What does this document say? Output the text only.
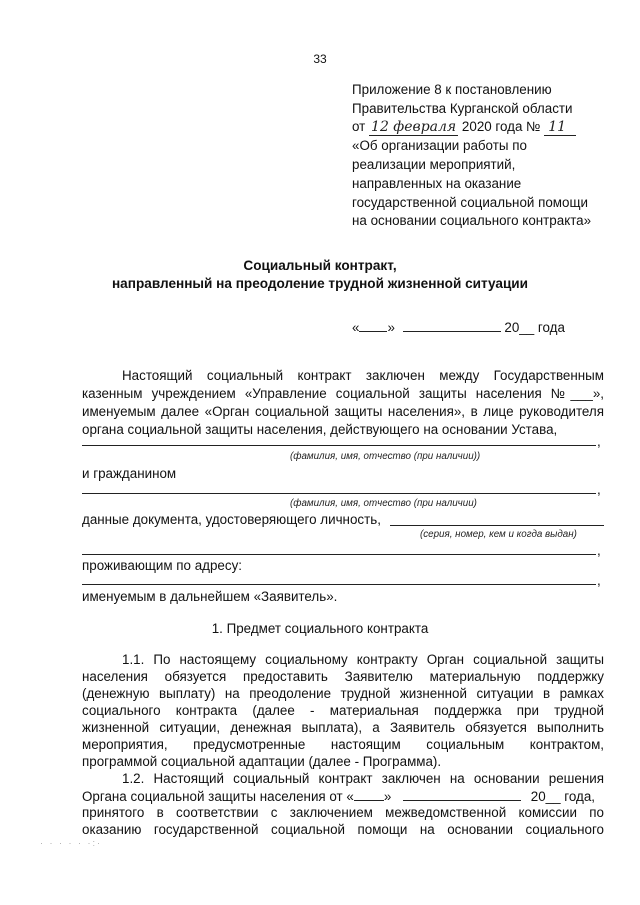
33
Приложение 8 к постановлению
Правительства Курганской области
от 12 февраля 2020 года № 11
«Об организации работы по
реализации мероприятий,
направленных на оказание
государственной социальной помощи
на основании социального контракта»
Социальный контракт,
направленный на преодоление трудной жизненной ситуации
« »	20__ года
Настоящий социальный контракт заключен между Государственным
казенным учреждением «Управление социальной защиты населения №___»,
именуемым далее «Орган социальной защиты населения», в лице руководителя
органа социальной защиты населения, действующего на основании Устава,
,
(фамилия, имя, отчество (при наличии))
и гражданином
,
(фамилия, имя, отчество (при наличии)
данные документа, удостоверяющего личность,
(серия, номер, кем и когда выдан)
,
проживающим по адресу:
,
именуемым в дальнейшем «Заявитель».
1. Предмет социального контракта
1.1. По настоящему социальному контракту Орган социальной защиты
населения обязуется предоставить Заявителю материальную поддержку
(денежную выплату) на преодоление трудной жизненной ситуации в рамках
социального контракта (далее - материальная поддержка при трудной
жизненной ситуации, денежная выплата), а Заявитель обязуется выполнить
мероприятия, предусмотренные настоящим социальным контрактом,
программой социальной адаптации (далее - Программа).
1.2. Настоящий социальный контракт заключен на основании решения
Органа социальной защиты населения от « »	20__ года,
принятого в соответствии с заключением межведомственной комиссии по
оказанию государственной социальной помощи на основании социального
· · · · · ·:·
